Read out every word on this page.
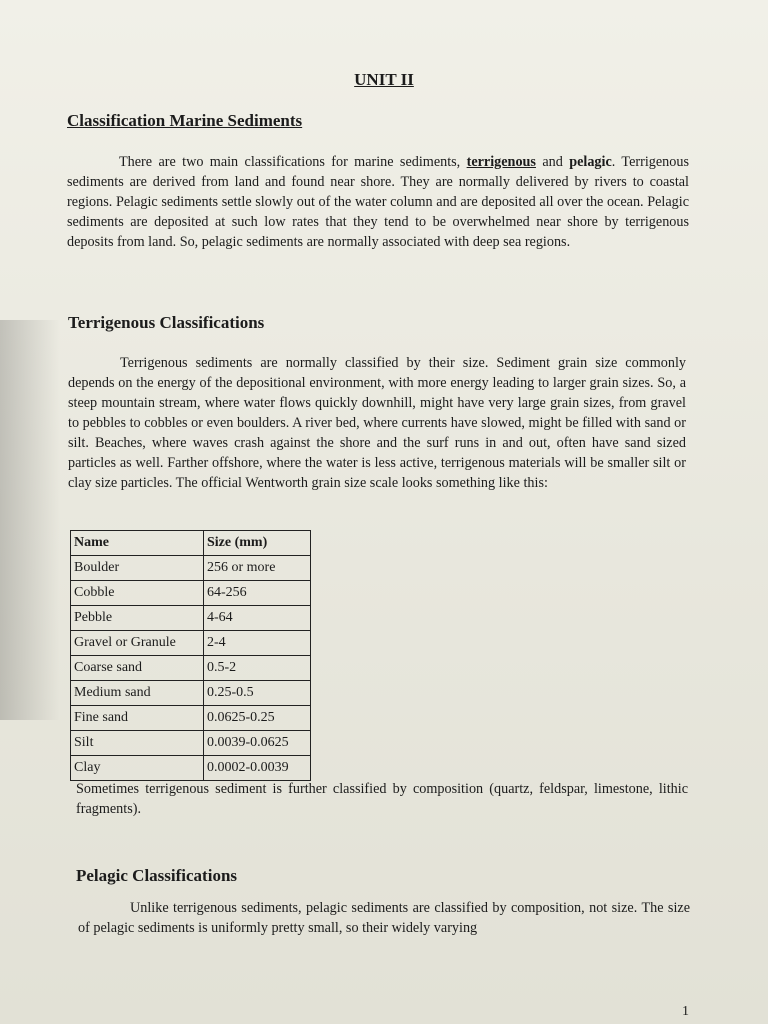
UNIT II
Classification Marine Sediments
There are two main classifications for marine sediments, terrigenous and pelagic. Terrigenous sediments are derived from land and found near shore. They are normally delivered by rivers to coastal regions. Pelagic sediments settle slowly out of the water column and are deposited all over the ocean. Pelagic sediments are deposited at such low rates that they tend to be overwhelmed near shore by terrigenous deposits from land. So, pelagic sediments are normally associated with deep sea regions.
Terrigenous Classifications
Terrigenous sediments are normally classified by their size. Sediment grain size commonly depends on the energy of the depositional environment, with more energy leading to larger grain sizes. So, a steep mountain stream, where water flows quickly downhill, might have very large grain sizes, from gravel to pebbles to cobbles or even boulders. A river bed, where currents have slowed, might be filled with sand or silt. Beaches, where waves crash against the shore and the surf runs in and out, often have sand sized particles as well. Farther offshore, where the water is less active, terrigenous materials will be smaller silt or clay size particles. The official Wentworth grain size scale looks something like this:
Name	Size (mm)
Boulder	256 or more
Cobble	64-256
Pebble	4-64
Gravel or Granule	2-4
Coarse sand	0.5-2
Medium sand	0.25-0.5
Fine sand	0.0625-0.25
Silt	0.0039-0.0625
Clay	0.0002-0.0039
Sometimes terrigenous sediment is further classified by composition (quartz, feldspar, limestone, lithic fragments).
Pelagic Classifications
Unlike terrigenous sediments, pelagic sediments are classified by composition, not size. The size of pelagic sediments is uniformly pretty small, so their widely varying
1
